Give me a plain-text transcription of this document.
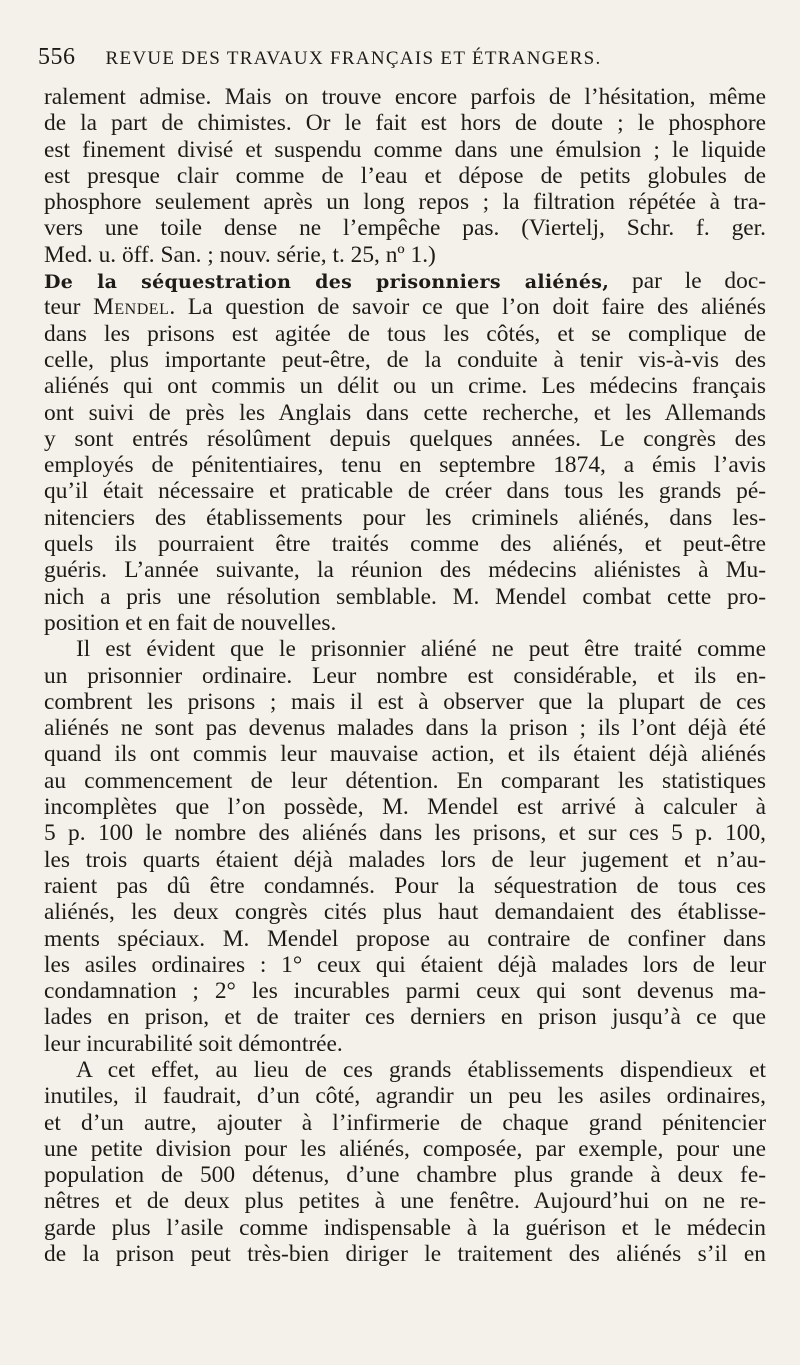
556 REVUE DES TRAVAUX FRANÇAIS ET ÉTRANGERS.
ralement admise. Mais on trouve encore parfois de l’hésitation, même
de la part de chimistes. Or le fait est hors de doute ; le phosphore
est finement divisé et suspendu comme dans une émulsion ; le liquide
est presque clair comme de l’eau et dépose de petits globules de
phosphore seulement après un long repos ; la filtration répétée à tra-
vers une toile dense ne l’empêche pas. (Viertelj, Schr. f. ger.
Med. u. öff. San. ; nouv. série, t. 25, nº 1.)
De la séquestration des prisonniers aliénés, par le doc-
teur Mendel. La question de savoir ce que l’on doit faire des aliénés
dans les prisons est agitée de tous les côtés, et se complique de
celle, plus importante peut-être, de la conduite à tenir vis-à-vis des
aliénés qui ont commis un délit ou un crime. Les médecins français
ont suivi de près les Anglais dans cette recherche, et les Allemands
y sont entrés résolûment depuis quelques années. Le congrès des
employés de pénitentiaires, tenu en septembre 1874, a émis l’avis
qu’il était nécessaire et praticable de créer dans tous les grands pé-
nitenciers des établissements pour les criminels aliénés, dans les-
quels ils pourraient être traités comme des aliénés, et peut-être
guéris. L’année suivante, la réunion des médecins aliénistes à Mu-
nich a pris une résolution semblable. M. Mendel combat cette pro-
position et en fait de nouvelles.
Il est évident que le prisonnier aliéné ne peut être traité comme
un prisonnier ordinaire. Leur nombre est considérable, et ils en-
combrent les prisons ; mais il est à observer que la plupart de ces
aliénés ne sont pas devenus malades dans la prison ; ils l’ont déjà été
quand ils ont commis leur mauvaise action, et ils étaient déjà aliénés
au commencement de leur détention. En comparant les statistiques
incomplètes que l’on possède, M. Mendel est arrivé à calculer à
5 p. 100 le nombre des aliénés dans les prisons, et sur ces 5 p. 100,
les trois quarts étaient déjà malades lors de leur jugement et n’au-
raient pas dû être condamnés. Pour la séquestration de tous ces
aliénés, les deux congrès cités plus haut demandaient des établisse-
ments spéciaux. M. Mendel propose au contraire de confiner dans
les asiles ordinaires : 1° ceux qui étaient déjà malades lors de leur
condamnation ; 2° les incurables parmi ceux qui sont devenus ma-
lades en prison, et de traiter ces derniers en prison jusqu’à ce que
leur incurabilité soit démontrée.
A cet effet, au lieu de ces grands établissements dispendieux et
inutiles, il faudrait, d’un côté, agrandir un peu les asiles ordinaires,
et d’un autre, ajouter à l’infirmerie de chaque grand pénitencier
une petite division pour les aliénés, composée, par exemple, pour une
population de 500 détenus, d’une chambre plus grande à deux fe-
nêtres et de deux plus petites à une fenêtre. Aujourd’hui on ne re-
garde plus l’asile comme indispensable à la guérison et le médecin
de la prison peut très-bien diriger le traitement des aliénés s’il en
